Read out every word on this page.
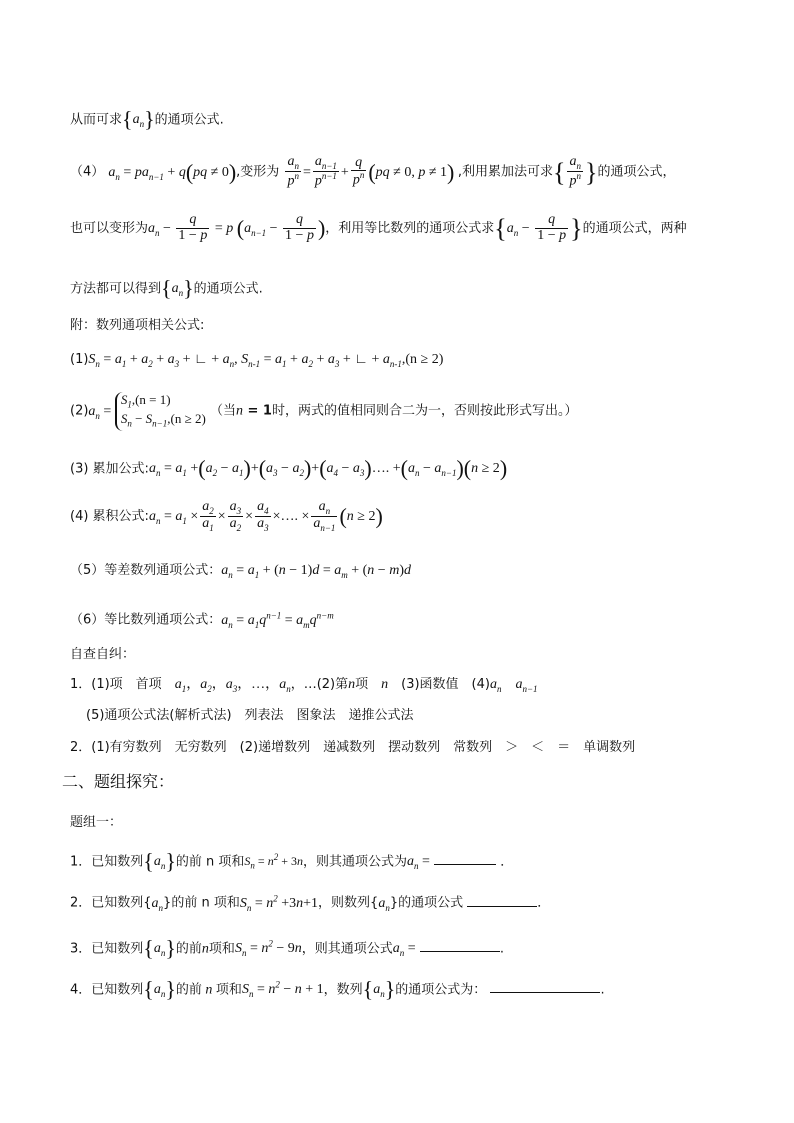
从而可求$\{a_n\}$的通项公式.
（4） $a_n = pa_{n-1} + q(pq \ne 0)$,变形为 $\frac{a_n}{p^n} = \frac{a_{n-1}}{p^{n-1}} + \frac{q}{p^n} (pq \ne 0$, p ≠ 1) ,利用累加法可求{ $\frac{a_n}{p^n}$ }的通项公式，
也可以变形为$a_n - \frac{q}{1 - p} = p$ ($a_{n-1} - \frac{q}{1 - p}$ )，利用等比数列的通项公式求{$a_n - \frac{q}{1 - p}$ }的通项公式，两种
方法都可以得到$\{a_n\}$的通项公式.
附：数列通项相关公式:
$(1)S_n = a_1 + a_2 + a_3$ + ∟ + $a_n$, $S_{n-1} = a_1 + a_2 + a_3$ + ∟ + $a_{n-1},(n \ge 2)$
$(2)a_n$ =
$S_1,(n = 1)$
$S_n - S_{n-1},(n \ge 2)$
（当n = 1时，两式的值相同则合二为一，否则按此形式写出。）
(3) 累加公式$:a_n = a_1 +(a_2 - a_1)+(a_3 - a_2)+(a_4$ − $a_3)\dots$. $+(a_n - a_{n-1})(n \ge 2)$
(4) 累积公式$:a_n = a_1 \times \frac{a_2}{a_1} \times \frac{a_3}{a_2} \times \frac{a_4}{a_3}$ ×…. × $\frac{a_n}{a_{n-1}} (n \ge 2)$
（5）等差数列通项公式：$a_n = a_1 + (n - 1)d = a_m + (n - m)d$
（6）等比数列通项公式：$a_n = a_1q^{n-1} = a_mq^{n-m}$
自查自纠：
1．(1)项　首项　$a_1$，$a_2$，$a_3$，…，$a_n$，…(2)第n项　n　(3)函数值　$(4)a_n$　$a_{n-1}$
(5)通项公式法(解析式法)　列表法　图象法　递推公式法
2．(1)有穷数列　无穷数列　(2)递增数列　递减数列　摆动数列　常数列　＞　＜　＝　单调数列
二、题组探究：
题组一：
1．已知数列$\{a_n\}$的前 n 项和$S_n = n^2 + 3n$，则其通项公式为$a_n$ =	．
2．已知数列$\{a_n\}$的前 n 项和$S_n = n^2 +3n+1$，则数列$\{a_n\}$的通项公式	．
3．已知数列$\{a_n\}$的前n项和$S_n = n^2 - 9n$，则其通项公式$a_n$ =	.
4．已知数列$\{a_n\}$的前 n 项和$S_n = n^2 - n + 1$，数列$\{a_n\}$的通项公式为：	.
